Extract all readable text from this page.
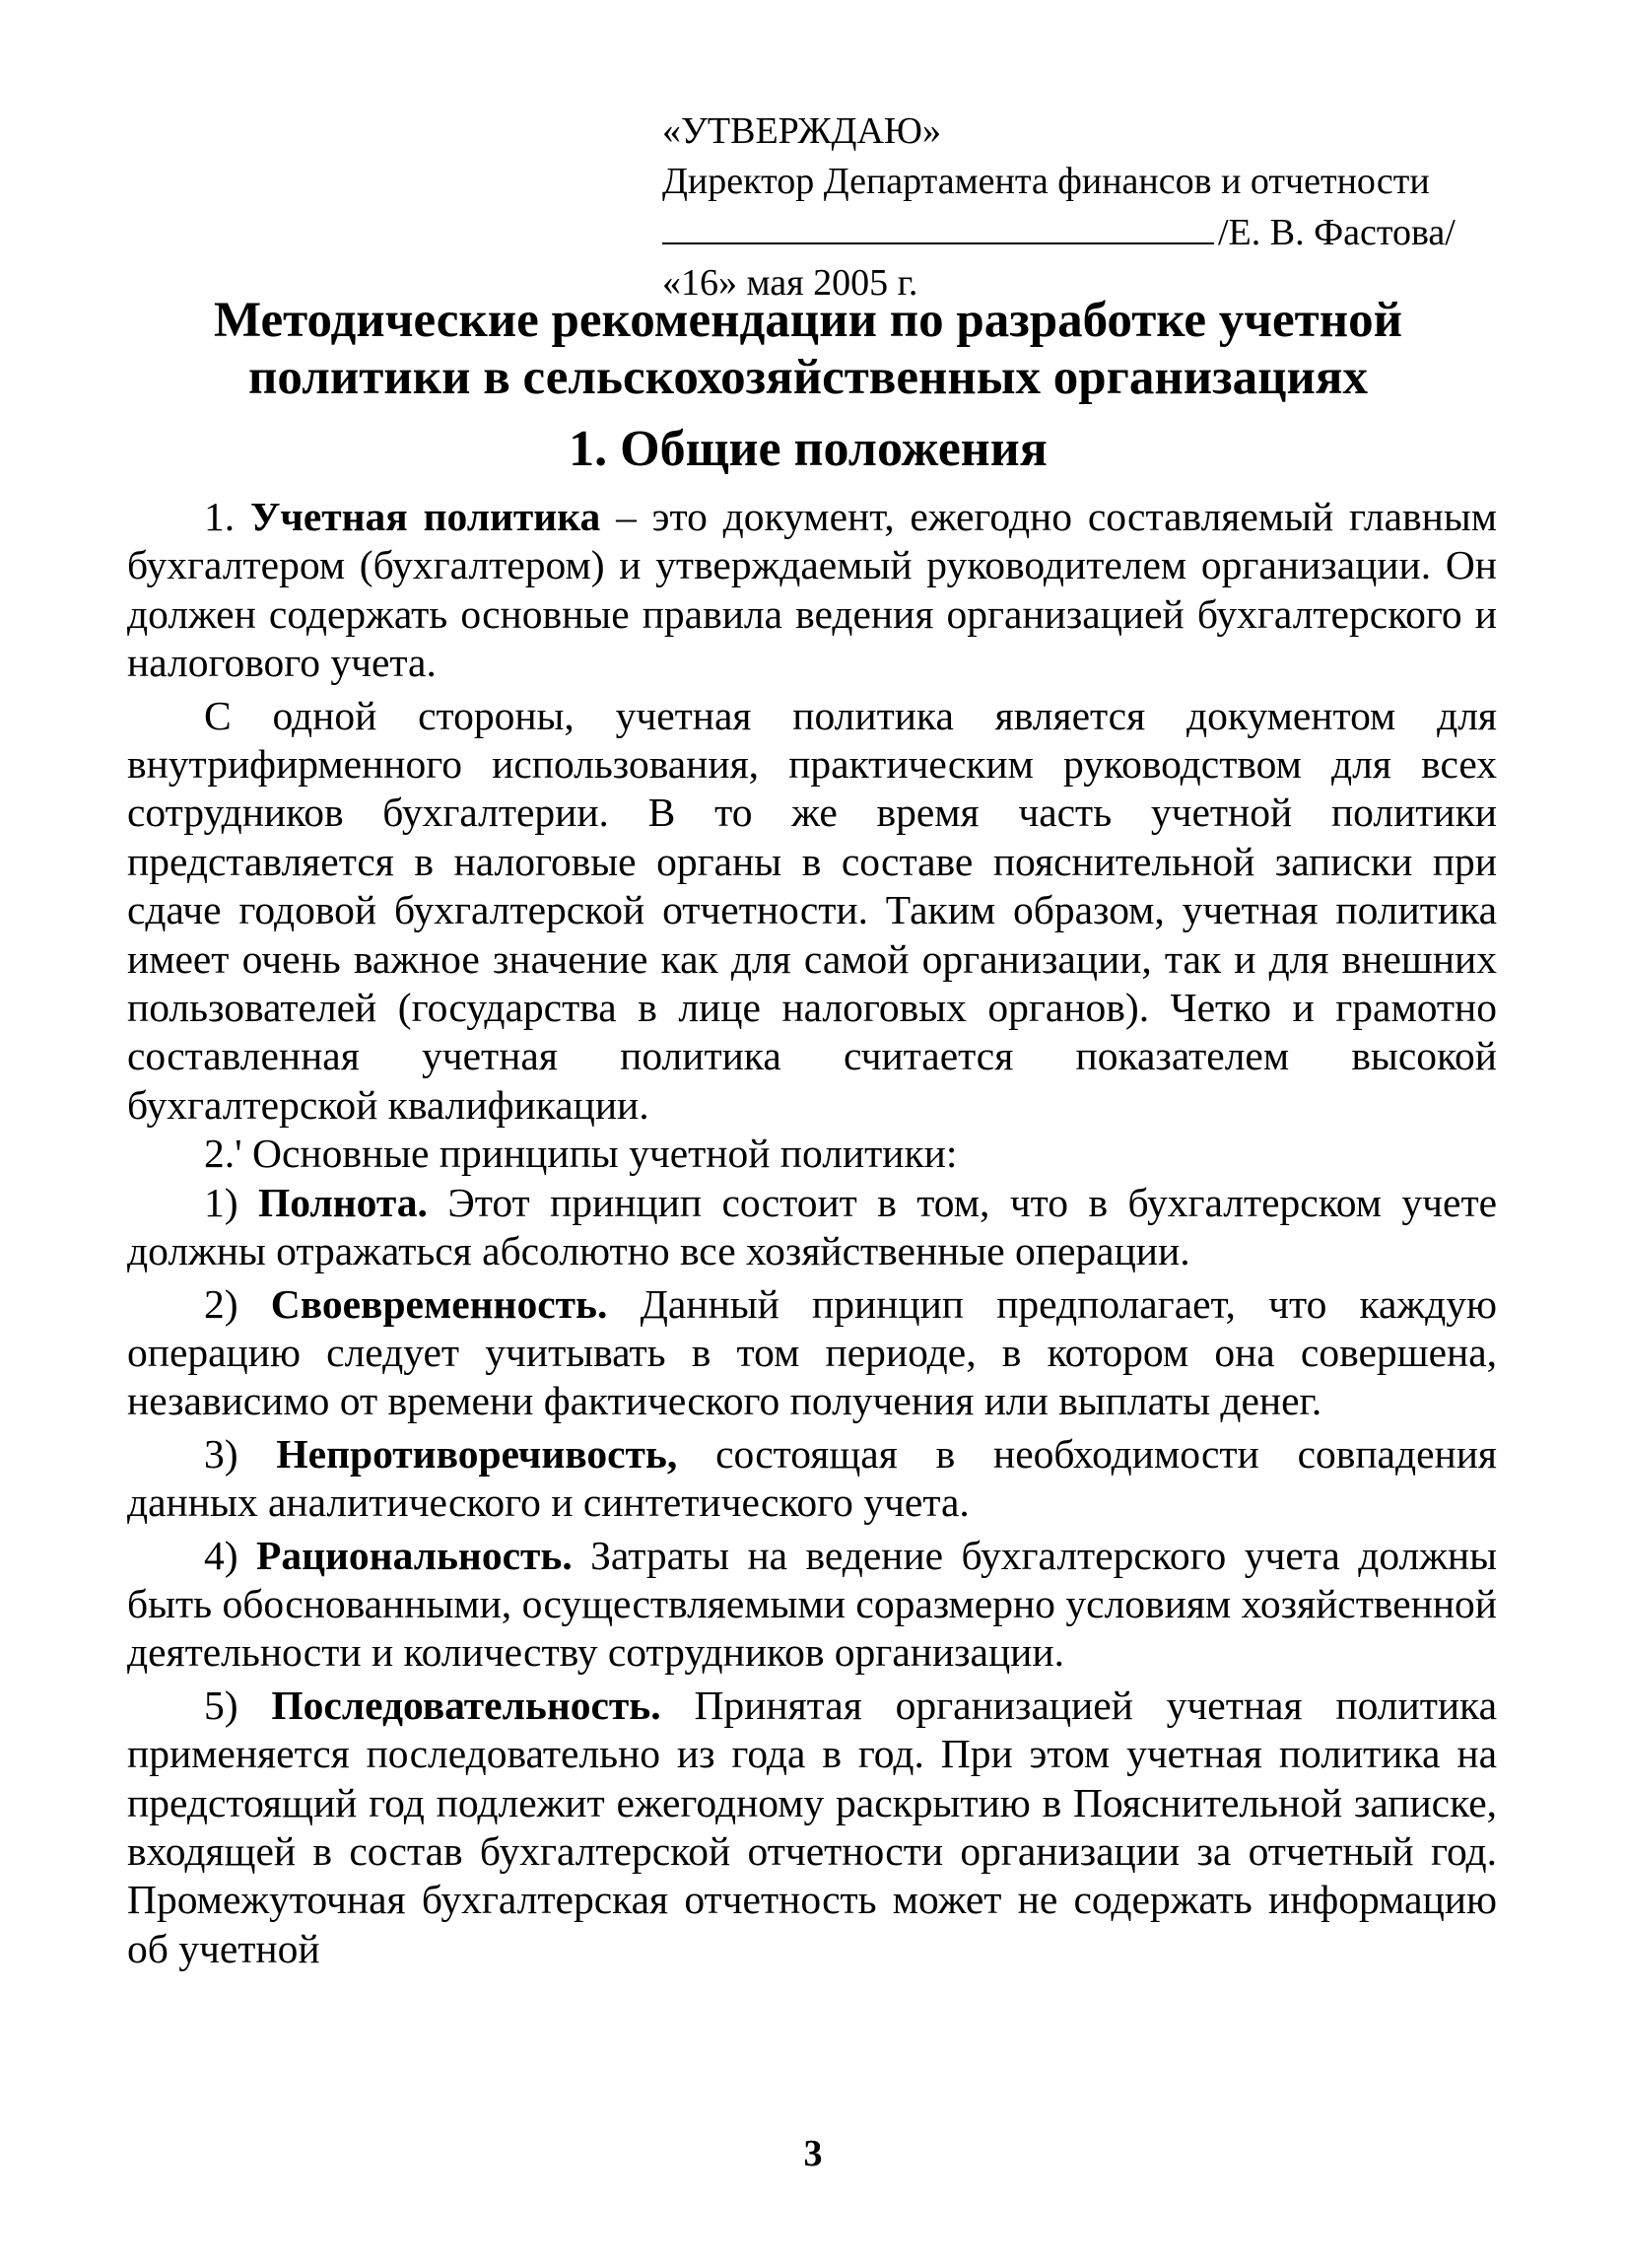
«УТВЕРЖДАЮ»
Директор Департамента финансов и отчетности
/Е. В. Фастова/
«16» мая 2005 г.
Методические рекомендации по разработке учетной
политики в сельскохозяйственных организациях
1. Общие положения

1. Учетная политика – это документ, ежегодно составляемый главным бухгалтером (бухгалтером) и утверждаемый руководителем организации. Он должен содержать основные правила ведения организацией бухгалтерского и налогового учета.

С одной стороны, учетная политика является документом для внутрифирменного использования, практическим руководством для всех сотрудников бухгалтерии. В то же время часть учетной политики представляется в налоговые органы в составе пояснительной записки при сдаче годовой бухгалтерской отчетности. Таким образом, учетная политика имеет очень важное значение как для самой организации, так и для внешних пользователей (государства в лице налоговых органов). Четко и грамотно составленная учетная политика считается показателем высокой бухгалтерской квалификации.

2.' Основные принципы учетной политики:

1) Полнота. Этот принцип состоит в том, что в бухгалтерском учете должны отражаться абсолютно все хозяйственные операции.

2) Своевременность. Данный принцип предполагает, что каждую операцию следует учитывать в том периоде, в котором она совершена, независимо от времени фактического получения или выплаты денег.

3) Непротиворечивость, состоящая в необходимости совпадения данных аналитического и синтетического учета.

4) Рациональность. Затраты на ведение бухгалтерского учета должны быть обоснованными, осуществляемыми соразмерно условиям хозяйственной деятельности и количеству сотрудников организации.

5) Последовательность. Принятая организацией учетная политика применяется последовательно из года в год. При этом учетная политика на предстоящий год подлежит ежегодному раскрытию в Пояснительной записке, входящей в состав бухгалтерской отчетности организации за отчетный год. Промежуточная бухгалтерская отчетность может не содержать информацию об учетной

3
